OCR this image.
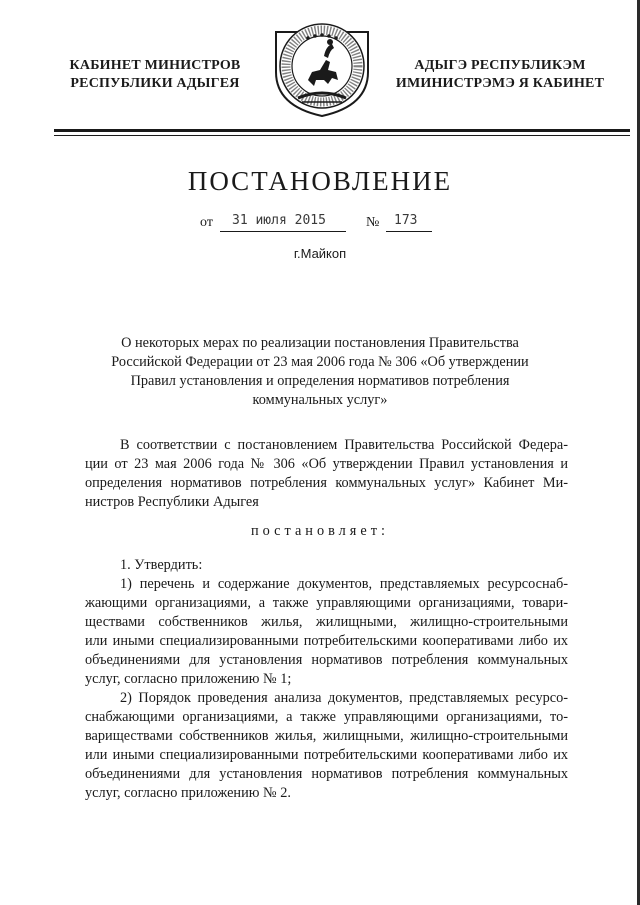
КАБИНЕТ МИНИСТРОВ
РЕСПУБЛИКИ АДЫГЕЯ
АДЫГЭ РЕСПУБЛИКЭМ
ИМИНИСТРЭМЭ Я КАБИНЕТ
ПОСТАНОВЛЕНИЕ
от 31 июля 2015	№ 173
г.Майкоп
О некоторых мерах по реализации постановления Правительства
Российской Федерации от 23 мая 2006 года № 306 «Об утверждении
Правил установления и определения нормативов потребления
коммунальных услуг»
В соответствии с постановлением Правительства Российской Федера-
ции от 23 мая 2006 года № 306 «Об утверждении Правил установления и
определения нормативов потребления коммунальных услуг» Кабинет Ми-
нистров Республики Адыгея
постановляет:
1. Утвердить:
1) перечень и содержание документов, представляемых ресурсоснаб-
жающими организациями, а также управляющими организациями, товари-
ществами собственников жилья, жилищными, жилищно-строительными
или иными специализированными потребительскими кооперативами либо их
объединениями для установления нормативов потребления коммунальных
услуг, согласно приложению № 1;
2) Порядок проведения анализа документов, представляемых ресурсо-
снабжающими организациями, а также управляющими организациями, то-
вариществами собственников жилья, жилищными, жилищно-строительными
или иными специализированными потребительскими кооперативами либо их
объединениями для установления нормативов потребления коммунальных
услуг, согласно приложению № 2.
